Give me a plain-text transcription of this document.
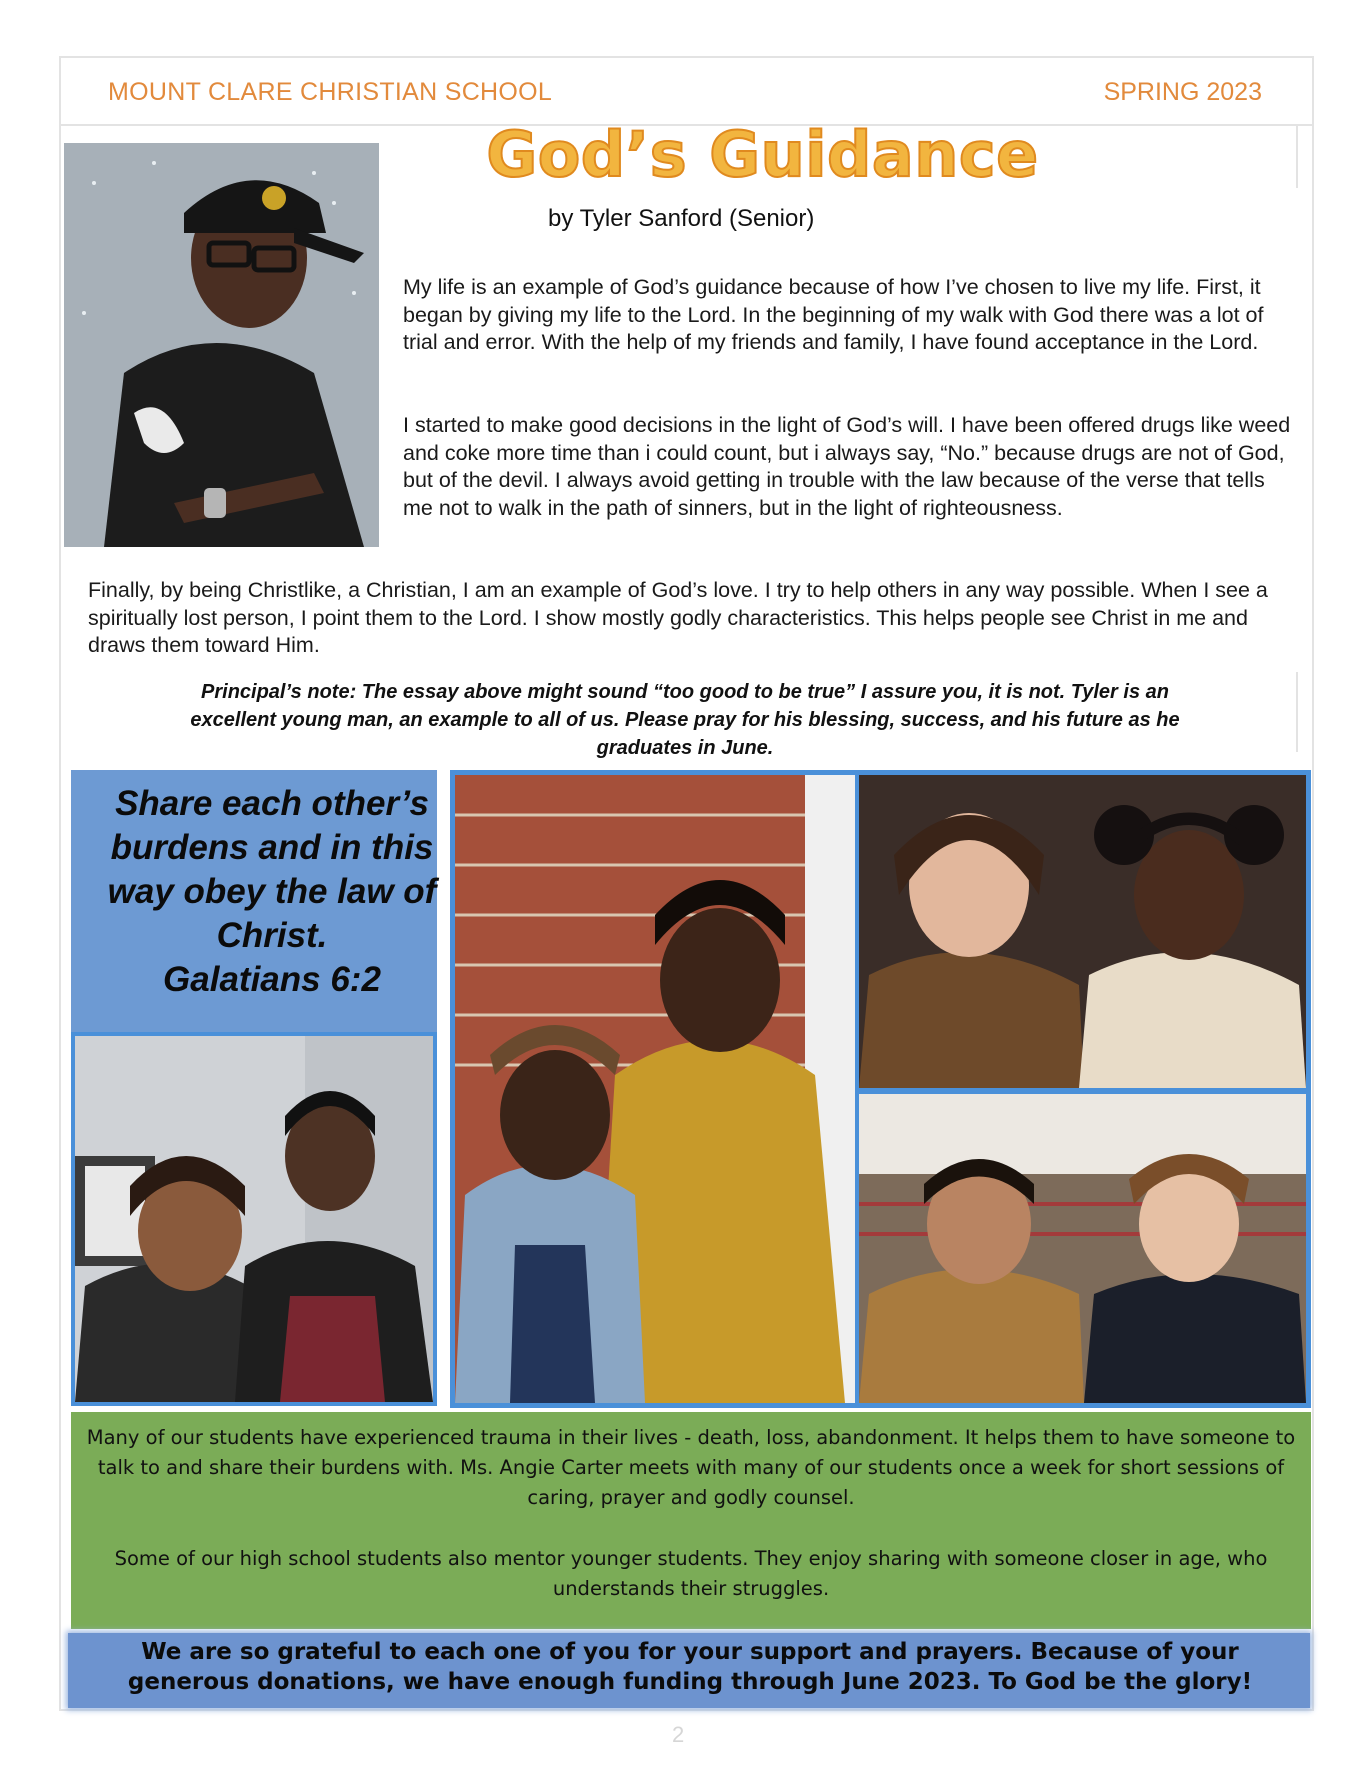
MOUNT CLARE CHRISTIAN SCHOOL	SPRING 2023
God’s Guidance
by Tyler Sanford (Senior)

My life is an example of God’s guidance because of how I’ve chosen to live my life. First, it began by giving my life to the Lord. In the beginning of my walk with God there was a lot of trial and error. With the help of my friends and family, I have found acceptance in the Lord.

I started to make good decisions in the light of God’s will. I have been offered drugs like weed and coke more time than i could count, but i always say, “No.” because drugs are not of God, but of the devil. I always avoid getting in trouble with the law because of the verse that tells me not to walk in the path of sinners, but in the light of righteousness.

Finally, by being Christlike, a Christian, I am an example of God’s love. I try to help others in any way possible. When I see a spiritually lost person, I point them to the Lord. I show mostly godly characteristics. This helps people see Christ in me and draws them toward Him.

Principal’s note: The essay above might sound “too good to be true” I assure you, it is not. Tyler is an excellent young man, an example to all of us. Please pray for his blessing, success, and his future as he graduates in June.

Share each other’s burdens and in this way obey the law of Christ.
Galatians 6:2

Many of our students have experienced trauma in their lives - death, loss, abandonment. It helps them to have someone to talk to and share their burdens with. Ms. Angie Carter meets with many of our students once a week for short sessions of caring, prayer and godly counsel.

Some of our high school students also mentor younger students. They enjoy sharing with someone closer in age, who understands their struggles.

We are so grateful to each one of you for your support and prayers. Because of your generous donations, we have enough funding through June 2023. To God be the glory!

2
